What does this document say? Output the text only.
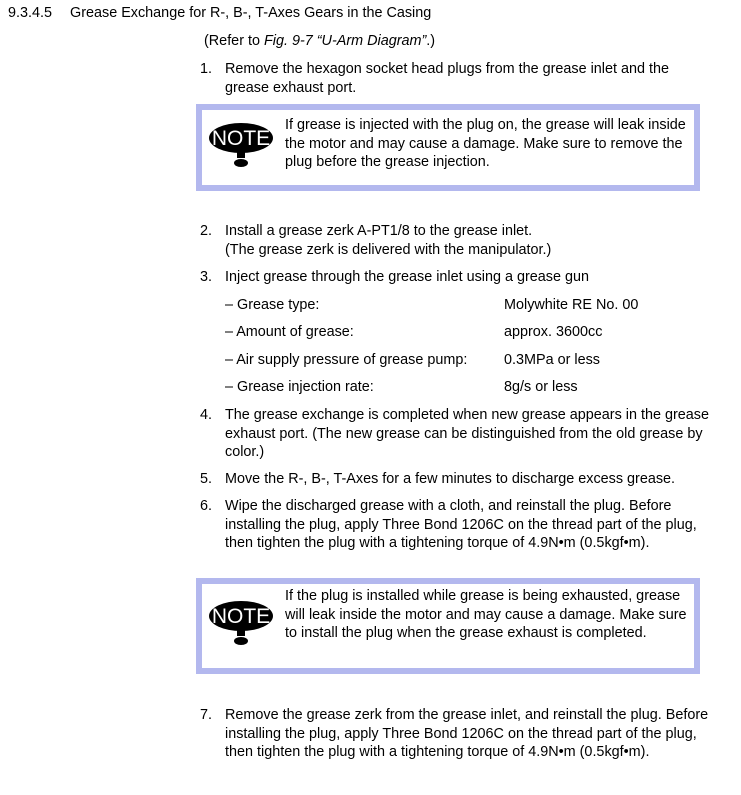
9.3.4.5 Grease Exchange for R-, B-, T-Axes Gears in the Casing
(Refer to Fig. 9-7 “U-Arm Diagram”.)
1. Remove the hexagon socket head plugs from the grease inlet and the grease exhaust port.
NOTE
If grease is injected with the plug on, the grease will leak inside the motor and may cause a damage. Make sure to remove the plug before the grease injection.
2. Install a grease zerk A-PT1/8 to the grease inlet.
(The grease zerk is delivered with the manipulator.)
3. Inject grease through the grease inlet using a grease gun
– Grease type:	Molywhite RE No. 00
– Amount of grease:	approx. 3600cc
– Air supply pressure of grease pump:	0.3MPa or less
– Grease injection rate:	8g/s or less
4. The grease exchange is completed when new grease appears in the grease exhaust port. (The new grease can be distinguished from the old grease by color.)
5. Move the R-, B-, T-Axes for a few minutes to discharge excess grease.
6. Wipe the discharged grease with a cloth, and reinstall the plug. Before installing the plug, apply Three Bond 1206C on the thread part of the plug, then tighten the plug with a tightening torque of 4.9N•m (0.5kgf•m).
NOTE
If the plug is installed while grease is being exhausted, grease will leak inside the motor and may cause a damage. Make sure to install the plug when the grease exhaust is completed.
7. Remove the grease zerk from the grease inlet, and reinstall the plug. Before installing the plug, apply Three Bond 1206C on the thread part of the plug, then tighten the plug with a tightening torque of 4.9N•m (0.5kgf•m).
